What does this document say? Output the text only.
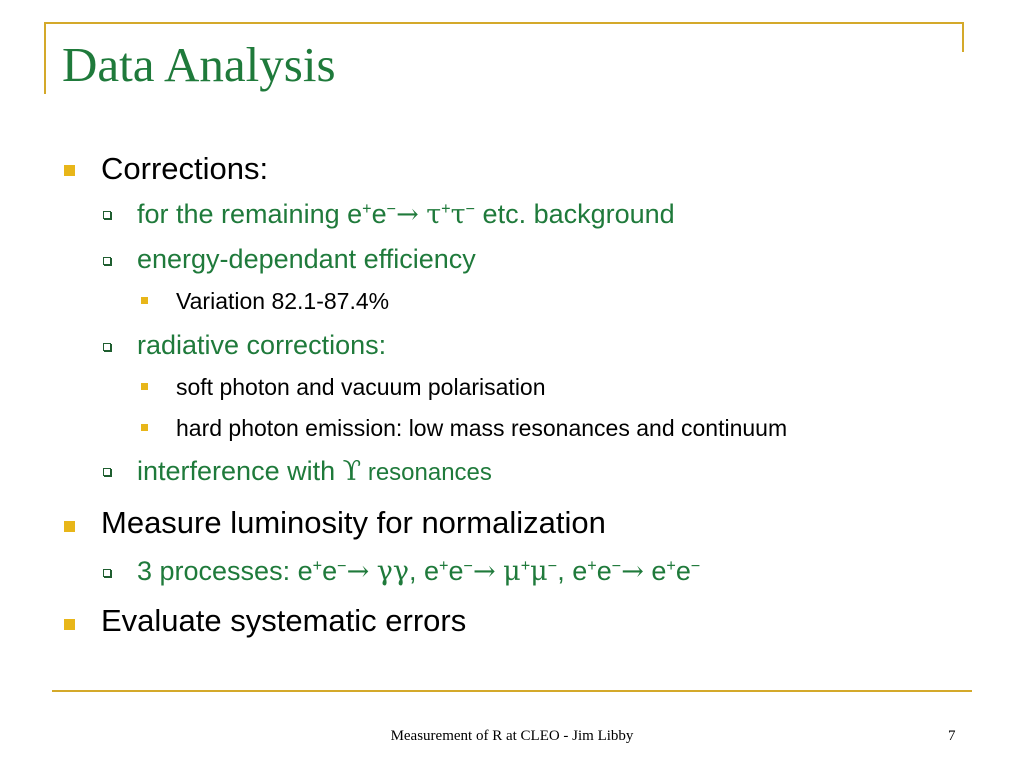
Data Analysis
Corrections:
for the remaining e+e−→ τ+τ− etc. background
energy-dependant efficiency
Variation 82.1-87.4%
radiative corrections:
soft photon and vacuum polarisation
hard photon emission: low mass resonances and continuum
interference with ϒ resonances
Measure luminosity for normalization
3 processes: e+e−→ γγ, e+e−→ μ+μ−, e+e−→ e+e−
Evaluate systematic errors
Measurement of R at CLEO - Jim Libby	7
